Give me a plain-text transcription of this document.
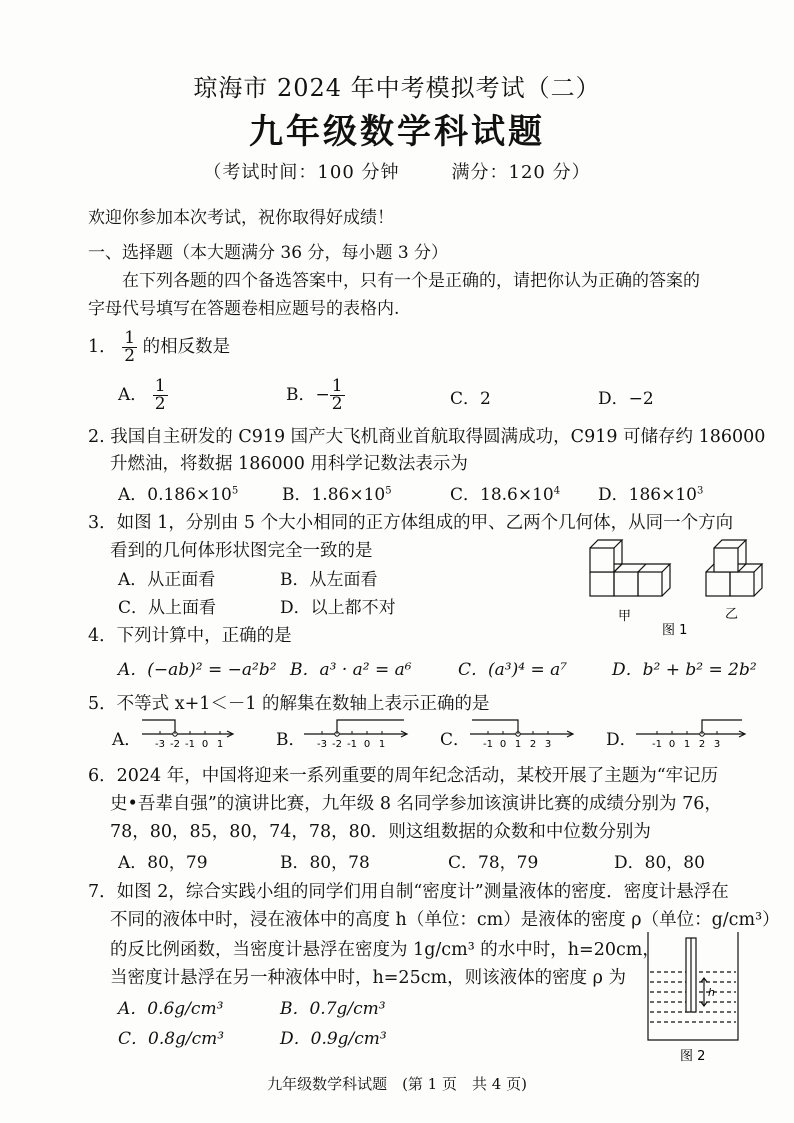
琼海市 2024 年中考模拟考试（二）
九年级数学科试题
（考试时间：100 分钟	满分：120 分）
欢迎你参加本次考试，祝你取得好成绩！
一、选择题（本大题满分 36 分，每小题 3 分）
在下列各题的四个备选答案中，只有一个是正确的，请把你认为正确的答案的
字母代号填写在答题卷相应题号的表格内.
1． $\frac{1}{2}$ 的相反数是
A． $\frac{1}{2}$	B．− $\frac{1}{2}$	C．2	D．−2
2. 我国自主研发的 C919 国产大飞机商业首航取得圆满成功，C919 可储存约 186000
升燃油，将数据 186000 用科学记数法表示为
A．$0.186\times 10^5$	B．$1.86\times 10^5$	C．$18.6\times 10^4$ D．$186\times 10^3$
3．如图 1，分别由 5 个大小相同的正方体组成的甲、乙两个几何体，从同一个方向
看到的几何体形状图完全一致的是
A．从正面看	B．从左面看
C．从上面看	D．以上都不对	甲	乙
图 1
4．下列计算中，正确的是
A．(−ab)² = −a²b² B．a³ · a² = a⁶	C．(a³)⁴ = a⁷	D．b² + b² = 2b²
5．不等式 x+1＜－1 的解集在数轴上表示正确的是
A． -3 -2 -1 0 1	B． -3 -2 -1 0 1	C． -1 0 1 2 3	D． -1 0 1 2 3
6．2024 年，中国将迎来一系列重要的周年纪念活动，某校开展了主题为“牢记历
史•吾辈自强”的演讲比赛，九年级 8 名同学参加该演讲比赛的成绩分别为 76，
78，80，85，80，74，78，80．则这组数据的众数和中位数分别为
A．80，79	B．80，78	C．78，79	D．80，80
7．如图 2，综合实践小组的同学们用自制“密度计”测量液体的密度．密度计悬浮在
不同的液体中时，浸在液体中的高度 h（单位：cm）是液体的密度 ρ（单位：g/cm³）
的反比例函数，当密度计悬浮在密度为 1g/cm³ 的水中时，h=20cm，
当密度计悬浮在另一种液体中时，h=25cm，则该液体的密度 ρ 为
A．0.6g/cm³	B．0.7g/cm³
C．0.8g/cm³	D．0.9g/cm³
h
图 2
九年级数学科试题　(第 1 页　共 4 页)
